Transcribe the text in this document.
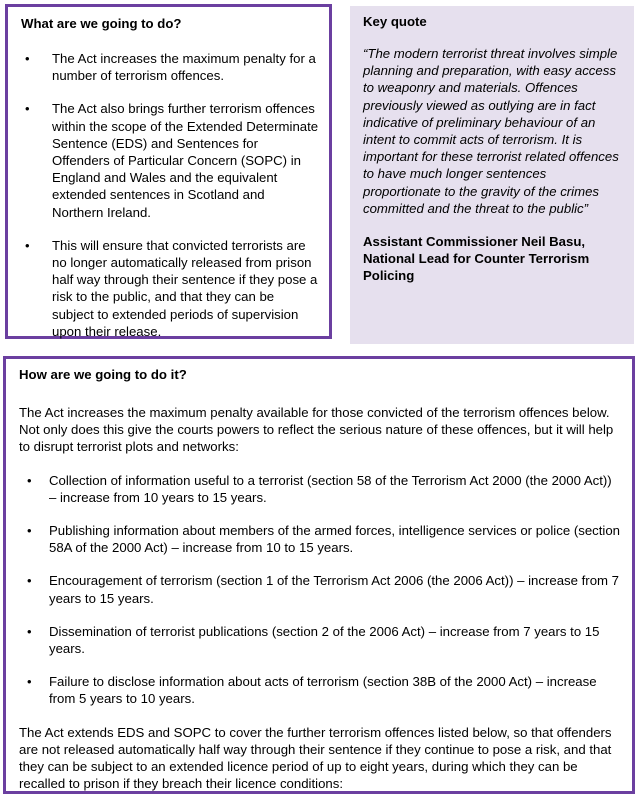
What are we going to do?
• The Act increases the maximum penalty for a number of terrorism offences.
• The Act also brings further terrorism offences within the scope of the Extended Determinate Sentence (EDS) and Sentences for Offenders of Particular Concern (SOPC) in England and Wales and the equivalent extended sentences in Scotland and Northern Ireland.
• This will ensure that convicted terrorists are no longer automatically released from prison half way through their sentence if they pose a risk to the public, and that they can be subject to extended periods of supervision upon their release.
Key quote

“The modern terrorist threat involves simple planning and preparation, with easy access to weaponry and materials. Offences previously viewed as outlying are in fact indicative of preliminary behaviour of an intent to commit acts of terrorism. It is important for these terrorist related offences to have much longer sentences proportionate to the gravity of the crimes committed and the threat to the public”

Assistant Commissioner Neil Basu, National Lead for Counter Terrorism Policing

How are we going to do it?

The Act increases the maximum penalty available for those convicted of the terrorism offences below. Not only does this give the courts powers to reflect the serious nature of these offences, but it will help to disrupt terrorist plots and networks:

• Collection of information useful to a terrorist (section 58 of the Terrorism Act 2000 (the 2000 Act)) – increase from 10 years to 15 years.
• Publishing information about members of the armed forces, intelligence services or police (section 58A of the 2000 Act) – increase from 10 to 15 years.
• Encouragement of terrorism (section 1 of the Terrorism Act 2006 (the 2006 Act)) – increase from 7 years to 15 years.
• Dissemination of terrorist publications (section 2 of the 2006 Act) – increase from 7 years to 15 years.
• Failure to disclose information about acts of terrorism (section 38B of the 2000 Act) – increase from 5 years to 10 years.

The Act extends EDS and SOPC to cover the further terrorism offences listed below, so that offenders are not released automatically half way through their sentence if they continue to pose a risk, and that they can be subject to an extended licence period of up to eight years, during which they can be recalled to prison if they breach their licence conditions:
